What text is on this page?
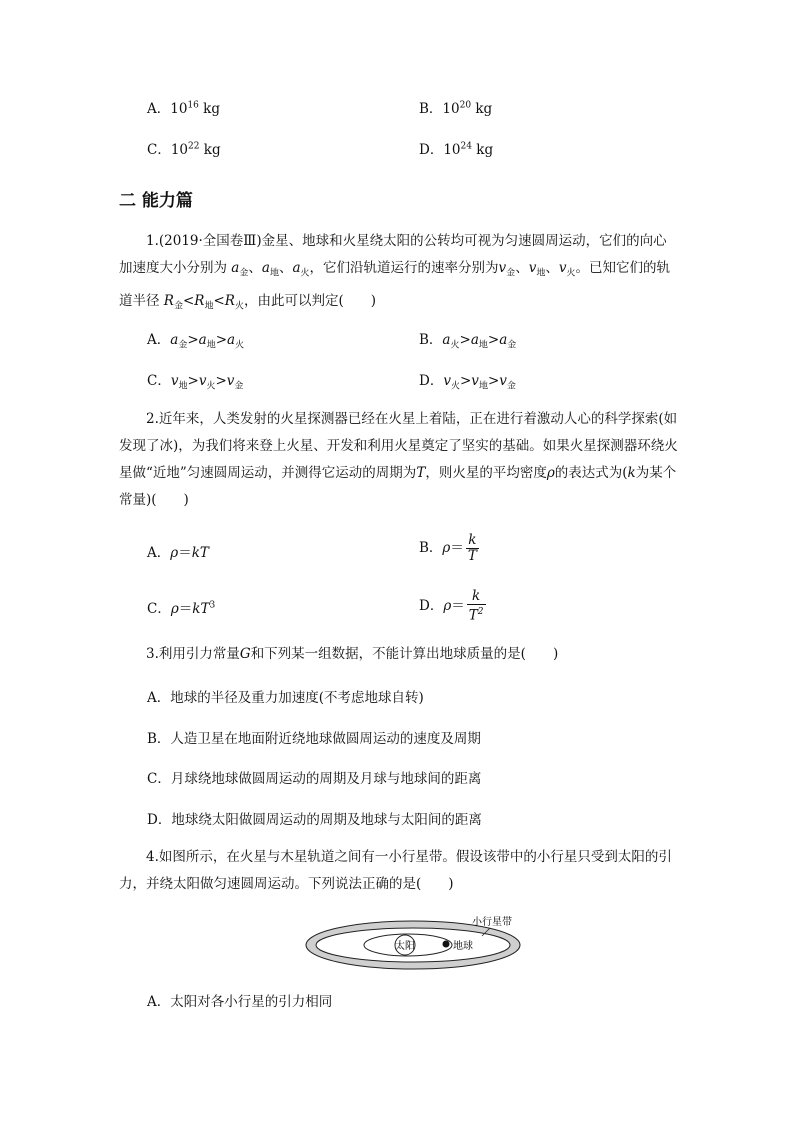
A．$10^{16}$ kg	B．$10^{20}$ kg
C．$10^{22}$ kg	D．$10^{24}$ kg
二 能力篇
1.(2019·全国卷Ⅲ)金星、地球和火星绕太阳的公转均可视为匀速圆周运动，它们的向心加速度大小分别为 $a_金$、$a_地$、$a_火$，它们沿轨道运行的速率分别为$v_金$、$v_地$、$v_火$。已知它们的轨道半径 $R_金<R_地<R_火$，由此可以判定(　　)
A．$a_金>a_地>a_火$	B．$a_火>a_地>a_金$
C．$v_地>v_火>v_金$	D．$v_火>v_地>v_金$
2.近年来，人类发射的火星探测器已经在火星上着陆，正在进行着激动人心的科学探索(如发现了冰)，为我们将来登上火星、开发和利用火星奠定了坚实的基础。如果火星探测器环绕火星做“近地”匀速圆周运动，并测得它运动的周期为T，则火星的平均密度ρ的表达式为(k为某个常量)(　　)
A．ρ＝kT	B．$\rho= \frac{k}{T}$
C．$\rho=kT^3$	D．$\rho= \frac{k}{T^2}$
3.利用引力常量G和下列某一组数据，不能计算出地球质量的是(　　)
A．地球的半径及重力加速度(不考虑地球自转)
B．人造卫星在地面附近绕地球做圆周运动的速度及周期
C．月球绕地球做圆周运动的周期及月球与地球间的距离
D．地球绕太阳做圆周运动的周期及地球与太阳间的距离
4.如图所示，在火星与木星轨道之间有一小行星带。假设该带中的小行星只受到太阳的引力，并绕太阳做匀速圆周运动。下列说法正确的是(　　)
太阳	地球
小行星带
A．太阳对各小行星的引力相同
